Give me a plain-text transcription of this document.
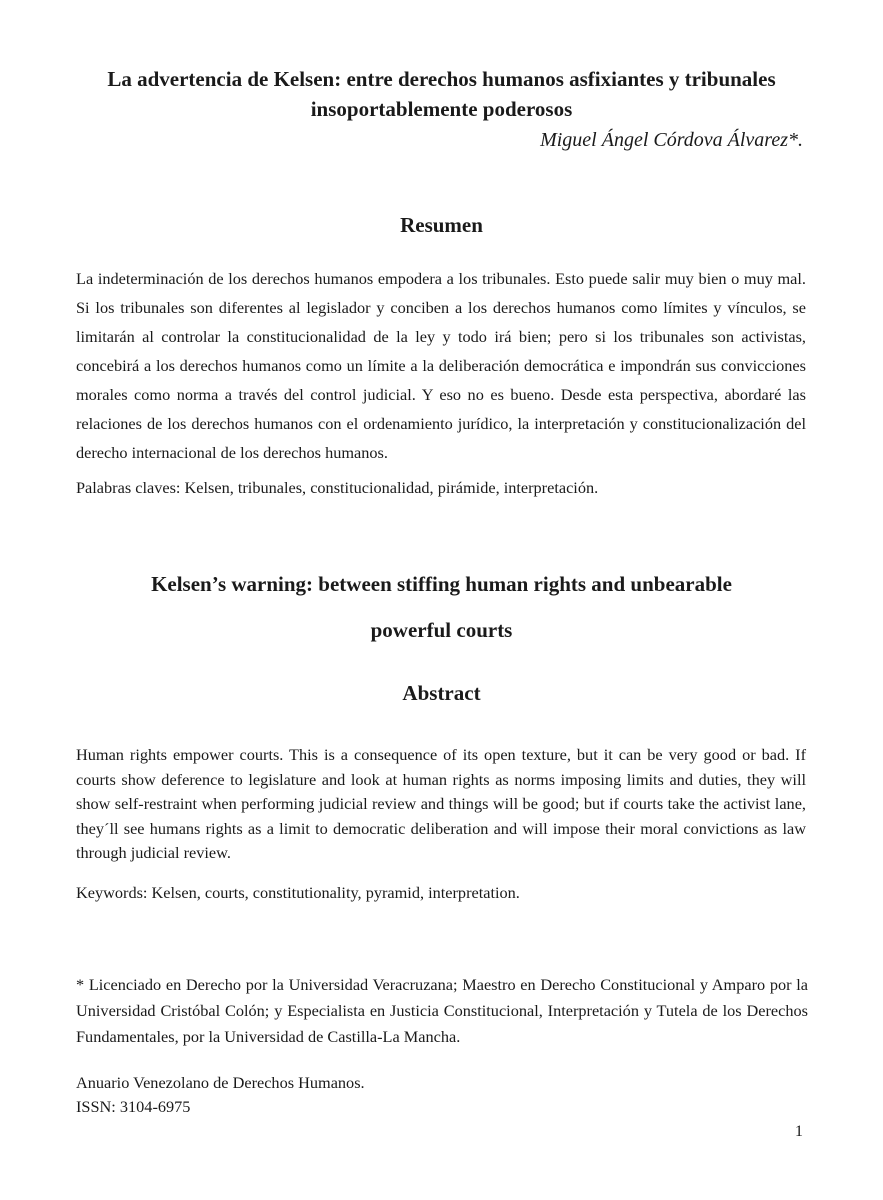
La advertencia de Kelsen: entre derechos humanos asfixiantes y tribunales insoportablemente poderosos

Miguel Ángel Córdova Álvarez*.

Resumen

La indeterminación de los derechos humanos empodera a los tribunales. Esto puede salir muy bien o muy mal. Si los tribunales son diferentes al legislador y conciben a los derechos humanos como límites y vínculos, se limitarán al controlar la constitucionalidad de la ley y todo irá bien; pero si los tribunales son activistas, concebirá a los derechos humanos como un límite a la deliberación democrática e impondrán sus convicciones morales como norma a través del control judicial. Y eso no es bueno. Desde esta perspectiva, abordaré las relaciones de los derechos humanos con el ordenamiento jurídico, la interpretación y constitucionalización del derecho internacional de los derechos humanos.

Palabras claves: Kelsen, tribunales, constitucionalidad, pirámide, interpretación.

Kelsen’s warning: between stiffing human rights and unbearable
powerful courts
Abstract

Human rights empower courts. This is a consequence of its open texture, but it can be very good or bad. If courts show deference to legislature and look at human rights as norms imposing limits and duties, they will show self-restraint when performing judicial review and things will be good; but if courts take the activist lane, they´ll see humans rights as a limit to democratic deliberation and will impose their moral convictions as law through judicial review.

Keywords: Kelsen, courts, constitutionality, pyramid, interpretation.

* Licenciado en Derecho por la Universidad Veracruzana; Maestro en Derecho Constitucional y Amparo por la Universidad Cristóbal Colón; y Especialista en Justicia Constitucional, Interpretación y Tutela de los Derechos Fundamentales, por la Universidad de Castilla-La Mancha.

Anuario Venezolano de Derechos Humanos.

ISSN: 3104-6975

1
